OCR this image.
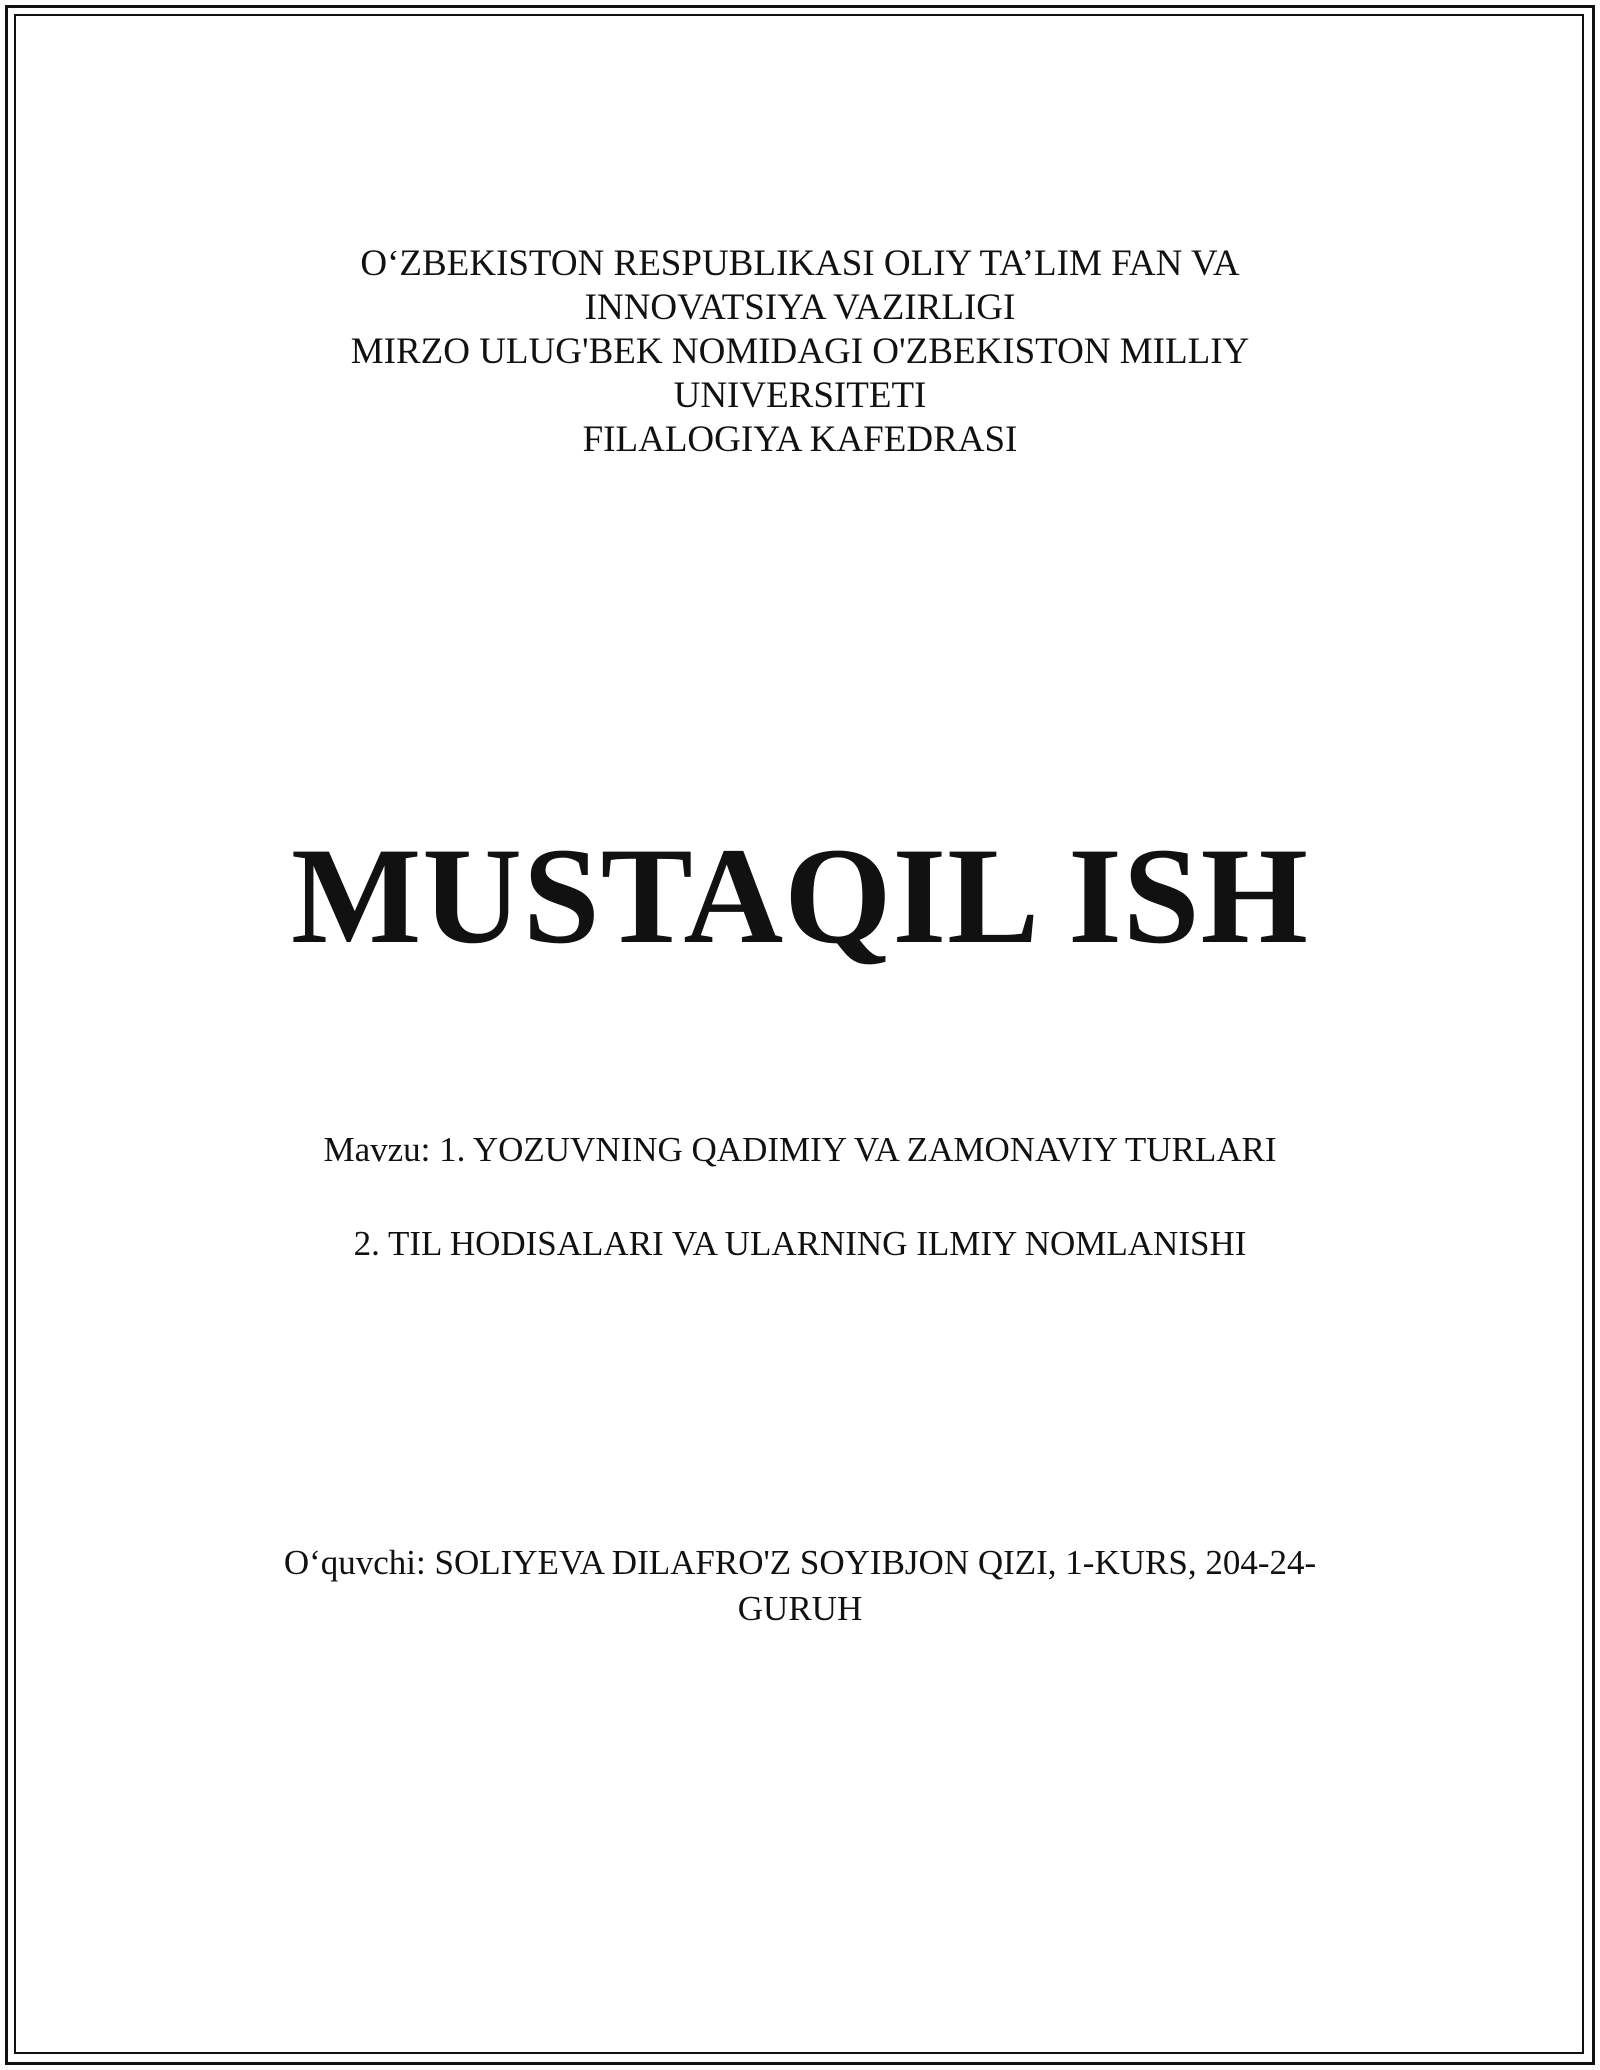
O‘ZBEKISTON RESPUBLIKASI OLIY TA’LIM FAN VA
INNOVATSIYA VAZIRLIGI
MIRZO ULUG'BEK NOMIDAGI O'ZBEKISTON MILLIY
UNIVERSITETI
FILALOGIYA KAFEDRASI
MUSTAQIL ISH
Mavzu: 1. YOZUVNING QADIMIY VA ZAMONAVIY TURLARI
2. TIL HODISALARI VA ULARNING ILMIY NOMLANISHI
O‘quvchi: SOLIYEVA DILAFRO'Z SOYIBJON QIZI, 1-KURS, 204-24-
GURUH
